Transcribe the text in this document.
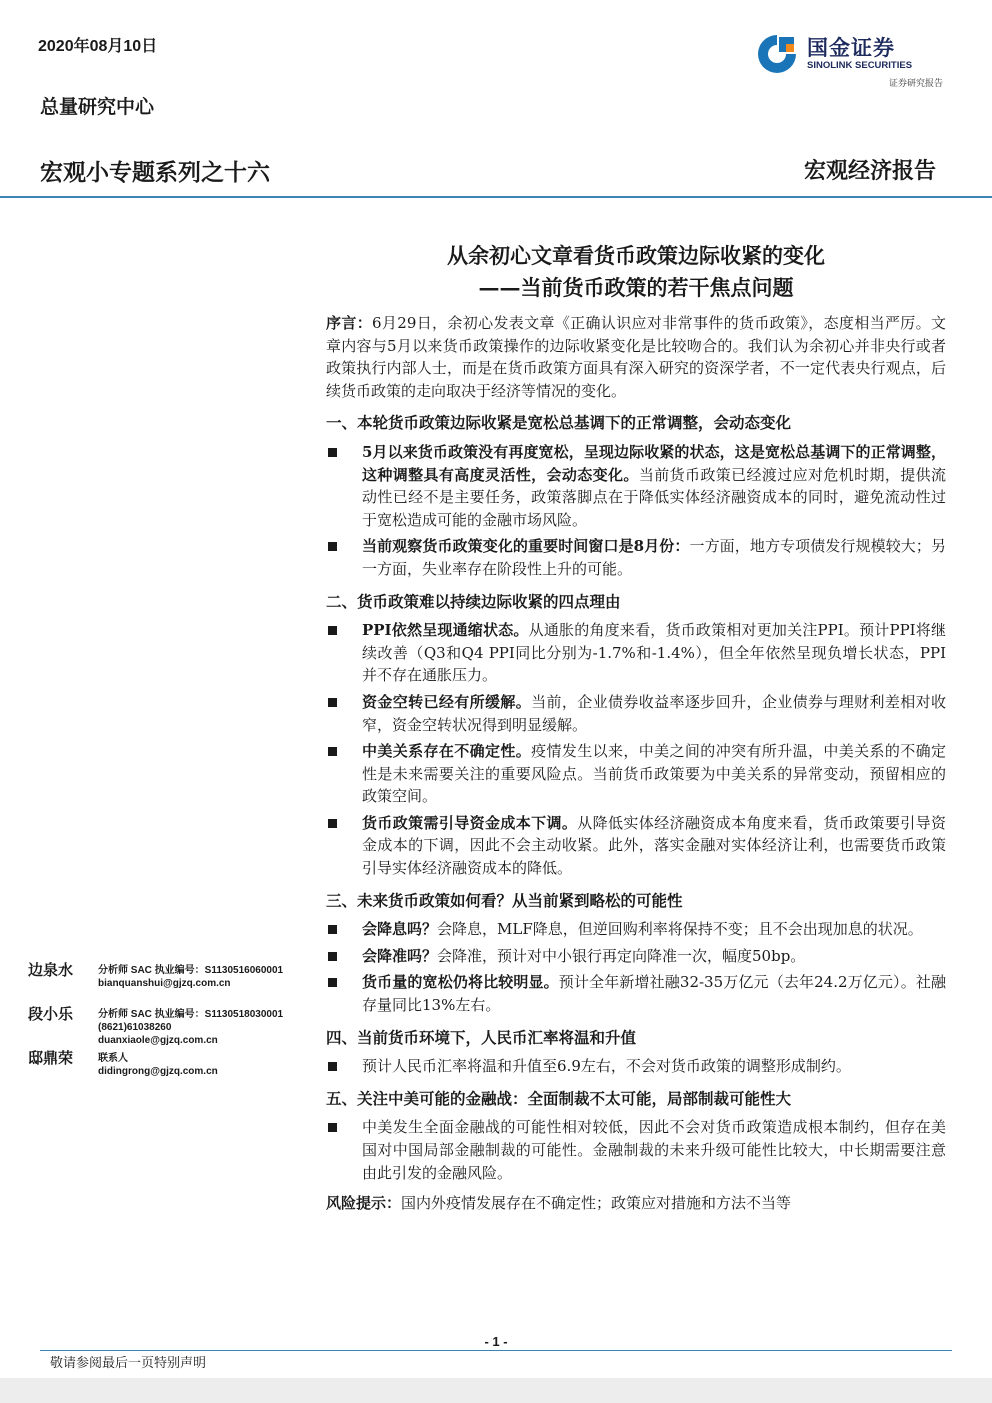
2020年08月10日
总量研究中心
宏观小专题系列之十六	宏观经济报告
国金证券
SINOLINK SECURITIES
证券研究报告
从余初心文章看货币政策边际收紧的变化
——当前货币政策的若干焦点问题

序言：6月29日，余初心发表文章《正确认识应对非常事件的货币政策》，态度相当严厉。文章内容与5月以来货币政策操作的边际收紧变化是比较吻合的。我们认为余初心并非央行或者政策执行内部人士，而是在货币政策方面具有深入研究的资深学者，不一定代表央行观点，后续货币政策的走向取决于经济等情况的变化。

一、本轮货币政策边际收紧是宽松总基调下的正常调整，会动态变化

5月以来货币政策没有再度宽松，呈现边际收紧的状态，这是宽松总基调下的正常调整，这种调整具有高度灵活性，会动态变化。当前货币政策已经渡过应对危机时期，提供流动性已经不是主要任务，政策落脚点在于降低实体经济融资成本的同时，避免流动性过于宽松造成可能的金融市场风险。

当前观察货币政策变化的重要时间窗口是8月份：一方面，地方专项债发行规模较大；另一方面，失业率存在阶段性上升的可能。

二、货币政策难以持续边际收紧的四点理由

PPI依然呈现通缩状态。从通胀的角度来看，货币政策相对更加关注PPI。预计PPI将继续改善（Q3和Q4 PPI同比分别为-1.7%和-1.4%），但全年依然呈现负增长状态，PPI并不存在通胀压力。

资金空转已经有所缓解。当前，企业债券收益率逐步回升，企业债券与理财利差相对收窄，资金空转状况得到明显缓解。

中美关系存在不确定性。疫情发生以来，中美之间的冲突有所升温，中美关系的不确定性是未来需要关注的重要风险点。当前货币政策要为中美关系的异常变动，预留相应的政策空间。

货币政策需引导资金成本下调。从降低实体经济融资成本角度来看，货币政策要引导资金成本的下调，因此不会主动收紧。此外，落实金融对实体经济让利，也需要货币政策引导实体经济融资成本的降低。

三、未来货币政策如何看？从当前紧到略松的可能性

会降息吗？会降息，MLF降息，但逆回购利率将保持不变；且不会出现加息的状况。

会降准吗？会降准，预计对中小银行再定向降准一次，幅度50bp。

货币量的宽松仍将比较明显。预计全年新增社融32-35万亿元（去年24.2万亿元）。社融存量同比13%左右。

四、当前货币环境下，人民币汇率将温和升值

预计人民币汇率将温和升值至6.9左右，不会对货币政策的调整形成制约。

五、关注中美可能的金融战：全面制裁不太可能，局部制裁可能性大

中美发生全面金融战的可能性相对较低，因此不会对货币政策造成根本制约，但存在美国对中国局部金融制裁的可能性。金融制裁的未来升级可能性比较大，中长期需要注意由此引发的金融风险。

风险提示：国内外疫情发展存在不确定性；政策应对措施和方法不当等

边泉水 分析师 SAC 执业编号：S1130516060001
bianquanshui@gjzq.com.cn
段小乐 分析师 SAC 执业编号：S1130518030001
(8621)61038260
duanxiaole@gjzq.com.cn
邸鼎荣 联系人
didingrong@gjzq.com.cn
- 1 -
敬请参阅最后一页特别声明
